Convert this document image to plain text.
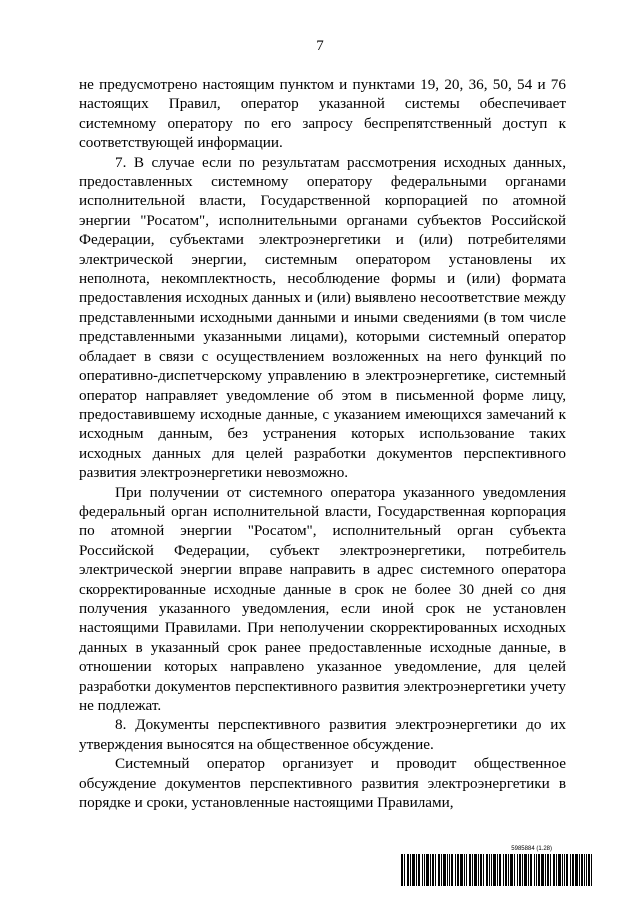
7

не предусмотрено настоящим пунктом и пунктами 19, 20, 36, 50, 54 и 76 настоящих Правил, оператор указанной системы обеспечивает системному оператору по его запросу беспрепятственный доступ к соответствующей информации.

7. В случае если по результатам рассмотрения исходных данных, предоставленных системному оператору федеральными органами исполнительной власти, Государственной корпорацией по атомной энергии "Росатом", исполнительными органами субъектов Российской Федерации, субъектами электроэнергетики и (или) потребителями электрической энергии, системным оператором установлены их неполнота, некомплектность, несоблюдение формы и (или) формата предоставления исходных данных и (или) выявлено несоответствие между представленными исходными данными и иными сведениями (в том числе представленными указанными лицами), которыми системный оператор обладает в связи с осуществлением возложенных на него функций по оперативно-диспетчерскому управлению в электроэнергетике, системный оператор направляет уведомление об этом в письменной форме лицу, предоставившему исходные данные, с указанием имеющихся замечаний к исходным данным, без устранения которых использование таких исходных данных для целей разработки документов перспективного развития электроэнергетики невозможно.

При получении от системного оператора указанного уведомления федеральный орган исполнительной власти, Государственная корпорация по атомной энергии "Росатом", исполнительный орган субъекта Российской Федерации, субъект электроэнергетики, потребитель электрической энергии вправе направить в адрес системного оператора скорректированные исходные данные в срок не более 30 дней со дня получения указанного уведомления, если иной срок не установлен настоящими Правилами. При неполучении скорректированных исходных данных в указанный срок ранее предоставленные исходные данные, в отношении которых направлено указанное уведомление, для целей разработки документов перспективного развития электроэнергетики учету не подлежат.

8. Документы перспективного развития электроэнергетики до их утверждения выносятся на общественное обсуждение.

Системный оператор организует и проводит общественное обсуждение документов перспективного развития электроэнергетики в порядке и сроки, установленные настоящими Правилами,

5985884 (1.28)
